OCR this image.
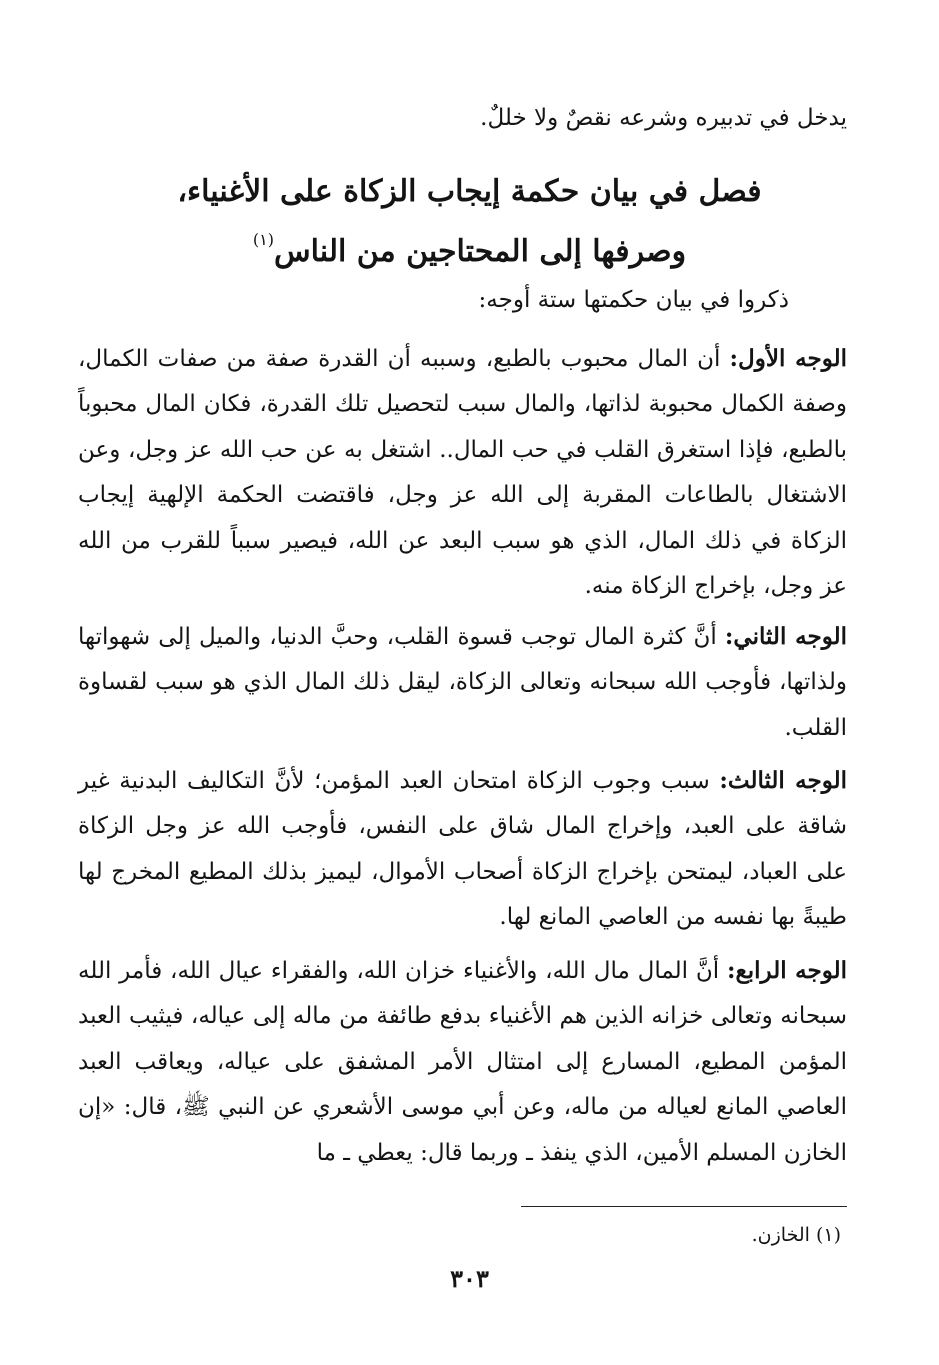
يدخل في تدبيره وشرعه نقصٌ ولا خللٌ.
فصل في بيان حكمة إيجاب الزكاة على الأغنياء،
وصرفها إلى المحتاجين من الناس$^{(١)}$
ذكروا في بيان حكمتها ستة أوجه:

الوجه الأول: أن المال محبوب بالطبع، وسببه أن القدرة صفة من صفات الكمال، وصفة الكمال محبوبة لذاتها، والمال سبب لتحصيل تلك القدرة، فكان المال محبوباً بالطبع، فإذا استغرق القلب في حب المال.. اشتغل به عن حب الله عز وجل، وعن الاشتغال بالطاعات المقربة إلى الله عز وجل، فاقتضت الحكمة الإلهية إيجاب الزكاة في ذلك المال، الذي هو سبب البعد عن الله، فيصير سبباً للقرب من الله عز وجل، بإخراج الزكاة منه.

الوجه الثاني: أنَّ كثرة المال توجب قسوة القلب، وحبَّ الدنيا، والميل إلى شهواتها ولذاتها، فأوجب الله سبحانه وتعالى الزكاة، ليقل ذلك المال الذي هو سبب لقساوة القلب.

الوجه الثالث: سبب وجوب الزكاة امتحان العبد المؤمن؛ لأنَّ التكاليف البدنية غير شاقة على العبد، وإخراج المال شاق على النفس، فأوجب الله عز وجل الزكاة على العباد، ليمتحن بإخراج الزكاة أصحاب الأموال، ليميز بذلك المطيع المخرج لها طيبةً بها نفسه من العاصي المانع لها.

الوجه الرابع: أنَّ المال مال الله، والأغنياء خزان الله، والفقراء عيال الله، فأمر الله سبحانه وتعالى خزانه الذين هم الأغنياء بدفع طائفة من ماله إلى عياله، فيثيب العبد المؤمن المطيع، المسارع إلى امتثال الأمر المشفق على عياله، ويعاقب العبد العاصي المانع لعياله من ماله، وعن أبي موسى الأشعري عن النبي ﷺ، قال: «إن الخازن المسلم الأمين، الذي ينفذ ـ وربما قال: يعطي ـ ما

(١) الخازن.
٣٠٣
